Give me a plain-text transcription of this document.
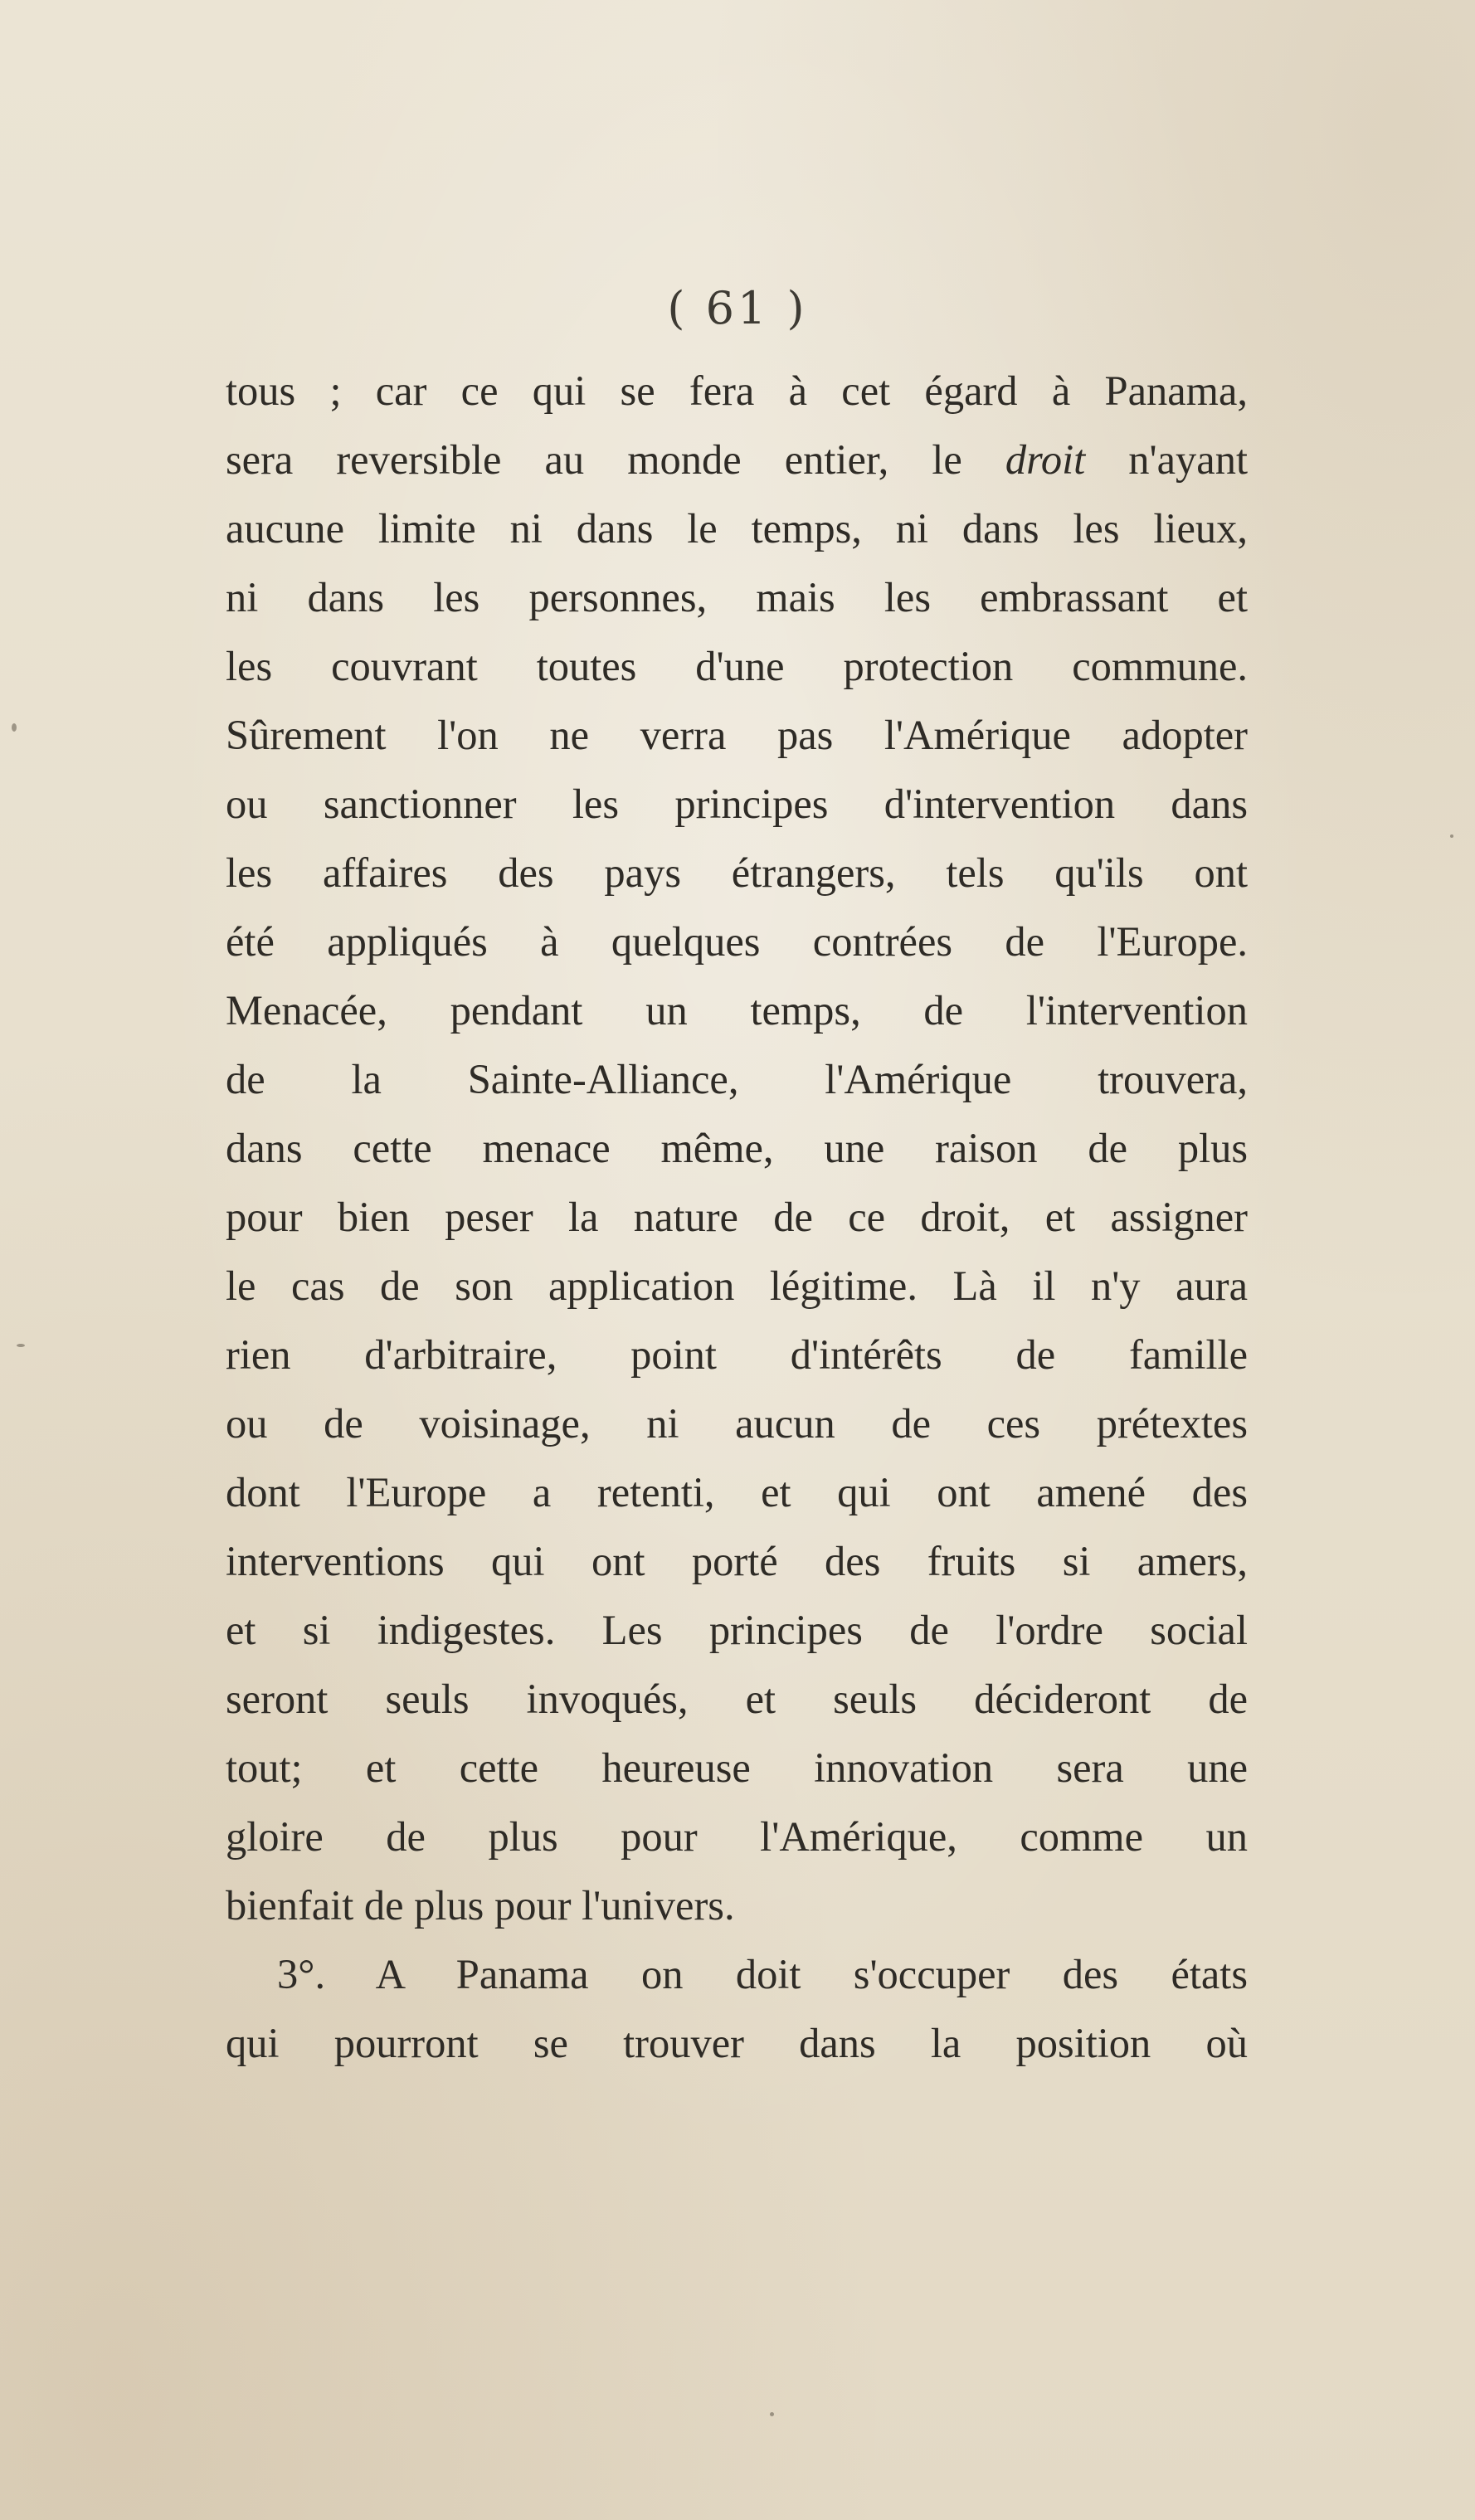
( 61 )
tous ; car ce qui se fera à cet égard à Panama,
sera reversible au monde entier, le droit n'ayant
aucune limite ni dans le temps, ni dans les lieux,
ni dans les personnes, mais les embrassant et
les couvrant toutes d'une protection commune.
Sûrement l'on ne verra pas l'Amérique adopter
ou sanctionner les principes d'intervention dans
les affaires des pays étrangers, tels qu'ils ont
été appliqués à quelques contrées de l'Europe.
Menacée, pendant un temps, de l'intervention
de la Sainte-Alliance, l'Amérique trouvera,
dans cette menace même, une raison de plus
pour bien peser la nature de ce droit, et assigner
le cas de son application légitime. Là il n'y aura
rien d'arbitraire, point d'intérêts de famille
ou de voisinage, ni aucun de ces prétextes
dont l'Europe a retenti, et qui ont amené des
interventions qui ont porté des fruits si amers,
et si indigestes. Les principes de l'ordre social
seront seuls invoqués, et seuls décideront de
tout; et cette heureuse innovation sera une
gloire de plus pour l'Amérique, comme un
bienfait de plus pour l'univers.
3°. A Panama on doit s'occuper des états
qui pourront se trouver dans la position où
